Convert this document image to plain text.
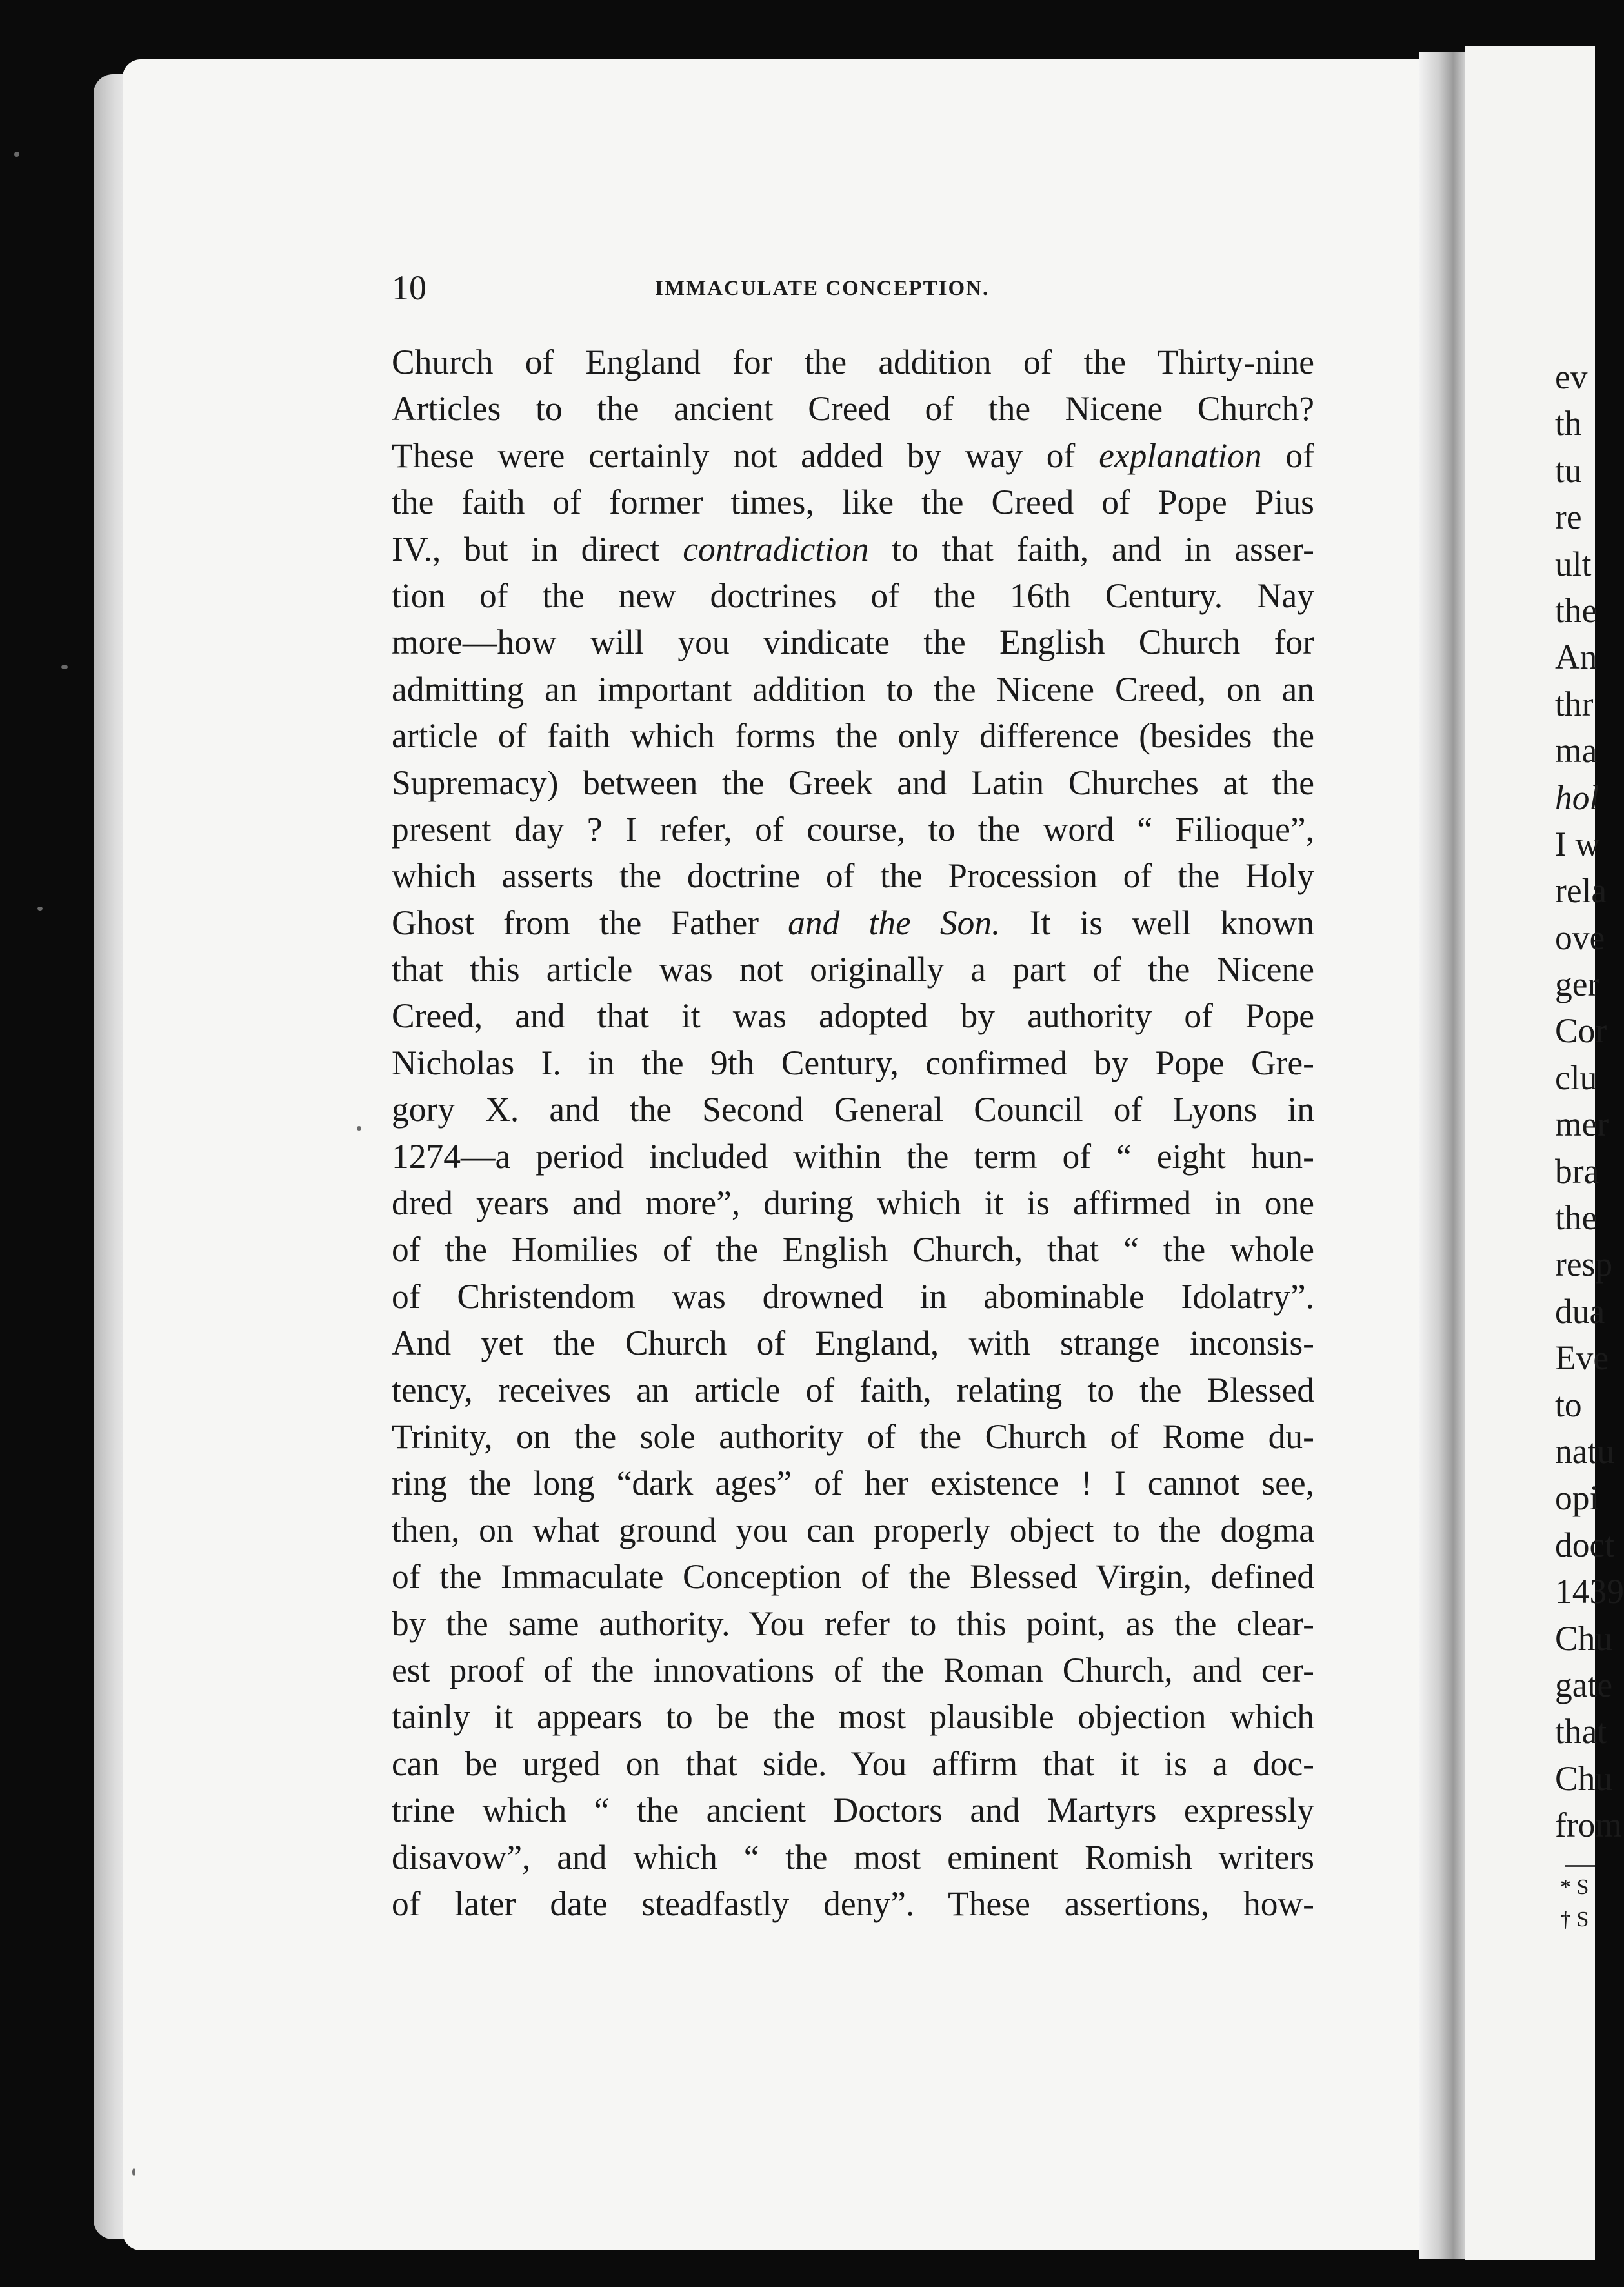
10	IMMACULATE CONCEPTION.
Church of England for the addition of the Thirty-nine
Articles to the ancient Creed of the Nicene Church?
These were certainly not added by way of explanation of
the faith of former times, like the Creed of Pope Pius
IV., but in direct contradiction to that faith, and in asser-
tion of the new doctrines of the 16th Century. Nay
more—how will you vindicate the English Church for
admitting an important addition to the Nicene Creed, on an
article of faith which forms the only difference (besides the
Supremacy) between the Greek and Latin Churches at the
present day ? I refer, of course, to the word “ Filioque”,
which asserts the doctrine of the Procession of the Holy
Ghost from the Father and the Son. It is well known
that this article was not originally a part of the Nicene
Creed, and that it was adopted by authority of Pope
Nicholas I. in the 9th Century, confirmed by Pope Gre-
gory X. and the Second General Council of Lyons in
1274—a period included within the term of “ eight hun-
dred years and more”, during which it is affirmed in one
of the Homilies of the English Church, that “ the whole
of Christendom was drowned in abominable Idolatry”.
And yet the Church of England, with strange inconsis-
tency, receives an article of faith, relating to the Blessed
Trinity, on the sole authority of the Church of Rome du-
ring the long “dark ages” of her existence ! I cannot see,
then, on what ground you can properly object to the dogma
of the Immaculate Conception of the Blessed Virgin, defined
by the same authority. You refer to this point, as the clear-
est proof of the innovations of the Roman Church, and cer-
tainly it appears to be the most plausible objection which
can be urged on that side. You affirm that it is a doc-
trine which “ the ancient Doctors and Martyrs expressly
disavow”, and which “ the most eminent Romish writers
of later date steadfastly deny”. These assertions, how-
ev
th
tu
re
ult
the
An
thr
ma
hol
I w
rela
ove
ger
Cor
clu
mer
bra
the
resp
dua
Eve
to
natu
opi
doct
1439
Chu
gate
that
Chu
from
* S
† S
